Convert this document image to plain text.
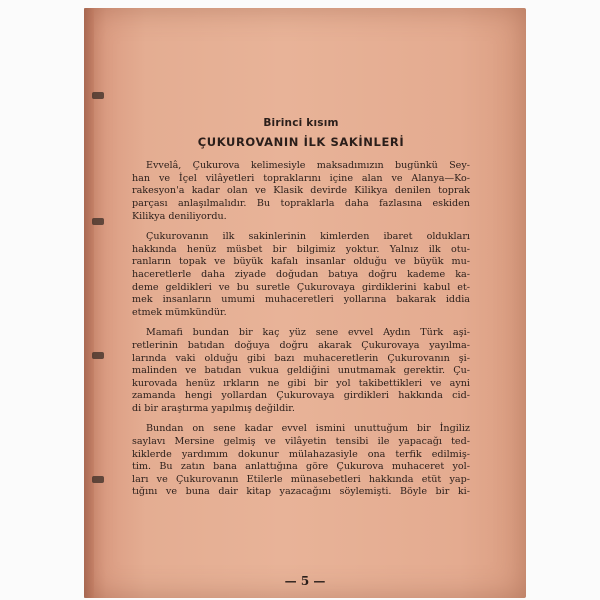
Birinci kısım
ÇUKUROVANIN İLK SAKİNLERİ
Evvelâ, Çukurova kelimesiyle maksadımızın bugünkü Sey-
han ve İçel vilâyetleri topraklarını içine alan ve Alanya—Ko-
rakesyon'a kadar olan ve Klasik devirde Kilikya denilen toprak
parçası anlaşılmalıdır. Bu topraklarla daha fazlasına eskiden
Kilikya deniliyordu.
Çukurovanın ilk sakinlerinin kimlerden ibaret oldukları
hakkında henüz müsbet bir bilgimiz yoktur. Yalnız ilk otu-
ranların topak ve büyük kafalı insanlar olduğu ve büyük mu-
haceretlerle daha ziyade doğudan batıya doğru kademe ka-
deme geldikleri ve bu suretle Çukurovaya girdiklerini kabul et-
mek insanların umumi muhaceretleri yollarına bakarak iddia
etmek mümkündür.
Mamafi bundan bir kaç yüz sene evvel Aydın Türk aşi-
retlerinin batıdan doğuya doğru akarak Çukurovaya yayılma-
larında vaki olduğu gibi bazı muhaceretlerin Çukurovanın şi-
malinden ve batıdan vukua geldiğini unutmamak gerektir. Çu-
kurovada henüz ırkların ne gibi bir yol takibettikleri ve ayni
zamanda hengi yollardan Çukurovaya girdikleri hakkında cid-
di bir araştırma yapılmış değildir.
Bundan on sene kadar evvel ismini unuttuğum bir İngiliz
saylavı Mersine gelmiş ve vilâyetin tensibi ile yapacağı ted-
kiklerde yardımım dokunur mülahazasiyle ona terfik edilmiş-
tim. Bu zatın bana anlattığına göre Çukurova muhaceret yol-
ları ve Çukurovanın Etilerle münasebetleri hakkında etüt yap-
tığını ve buna dair kitap yazacağını söylemişti. Böyle bir ki-
— 5 —
